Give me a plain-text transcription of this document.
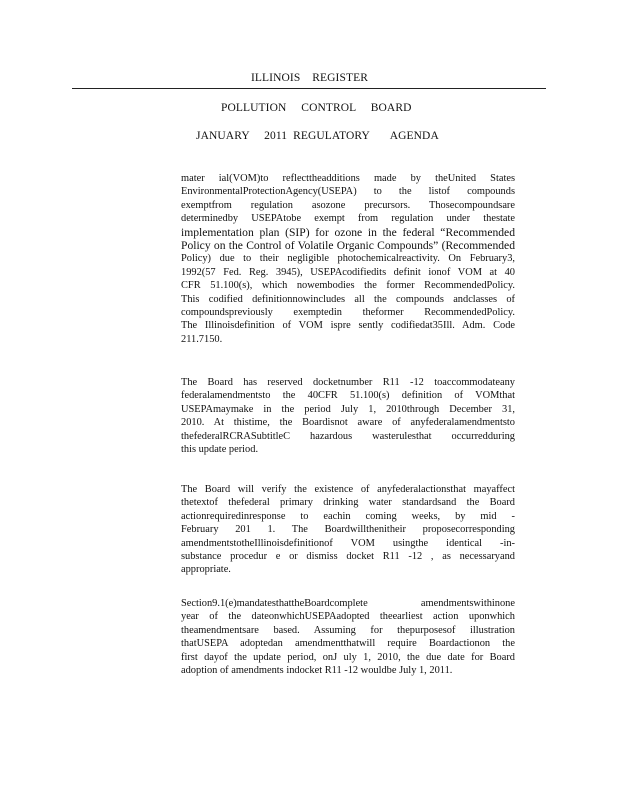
ILLINOIS    REGISTER
POLLUTION     CONTROL     BOARD
JANUARY     2011  REGULATORY       AGENDA
mater ial(VOM)to reflecttheadditions made by theUnited States
EnvironmentalProtectionAgency(USEPA) to the listof compounds
exemptfrom regulation asozone precursors. Thosecompoundsare
determinedby USEPAtobe exempt from regulation under thestate
implementation plan (SIP) for ozone in the federal “Recommended
Policy on the Control of Volatile Organic Compounds” (Recommended
Policy) due to their negligible photochemicalreactivity. On February3,
1992(57 Fed. Reg. 3945), USEPAcodifiedits definit ionof VOM at 40
CFR 51.100(s), which nowembodies the former RecommendedPolicy.
This codified definitionnowincludes all the compounds andclasses of
compoundspreviously exemptedin theformer RecommendedPolicy.
The Illinoisdefinition of VOM ispre sently codifiedat35Ill. Adm. Code
211.7150.
The Board has reserved docketnumber R11 -12 toaccommodateany
federalamendmentsto the 40CFR 51.100(s) definition of VOMthat
USEPAmaymake in the period July 1, 2010through December 31,
2010. At thistime, the Boardisnot aware of anyfederalamendmentsto
thefederalRCRASubtitleC hazardous wasterulesthat occurredduring
this update period.
The Board will verify the existence of anyfederalactionsthat mayaffect
thetextof thefederal primary drinking water standardsand the Board
actionrequiredinresponse to eachin coming weeks, by mid -
February 201 1. The Boardwillthenitheir proposecorresponding
amendmentstotheIllinoisdefinitionof VOM usingthe identical -in-
substance procedur e or dismiss docket R11 -12 , as necessaryand
appropriate.
Section9.1(e)mandatesthattheBoardcomplete amendmentswithinone
year of the dateonwhichUSEPAadopted theearliest action uponwhich
theamendmentsare based. Assuming for thepurposesof illustration
thatUSEPA adoptedan amendmentthatwill require Boardactionon the
first dayof the update period, onJ uly 1, 2010, the due date for Board
adoption of amendments indocket R11 -12 wouldbe July 1, 2011.
